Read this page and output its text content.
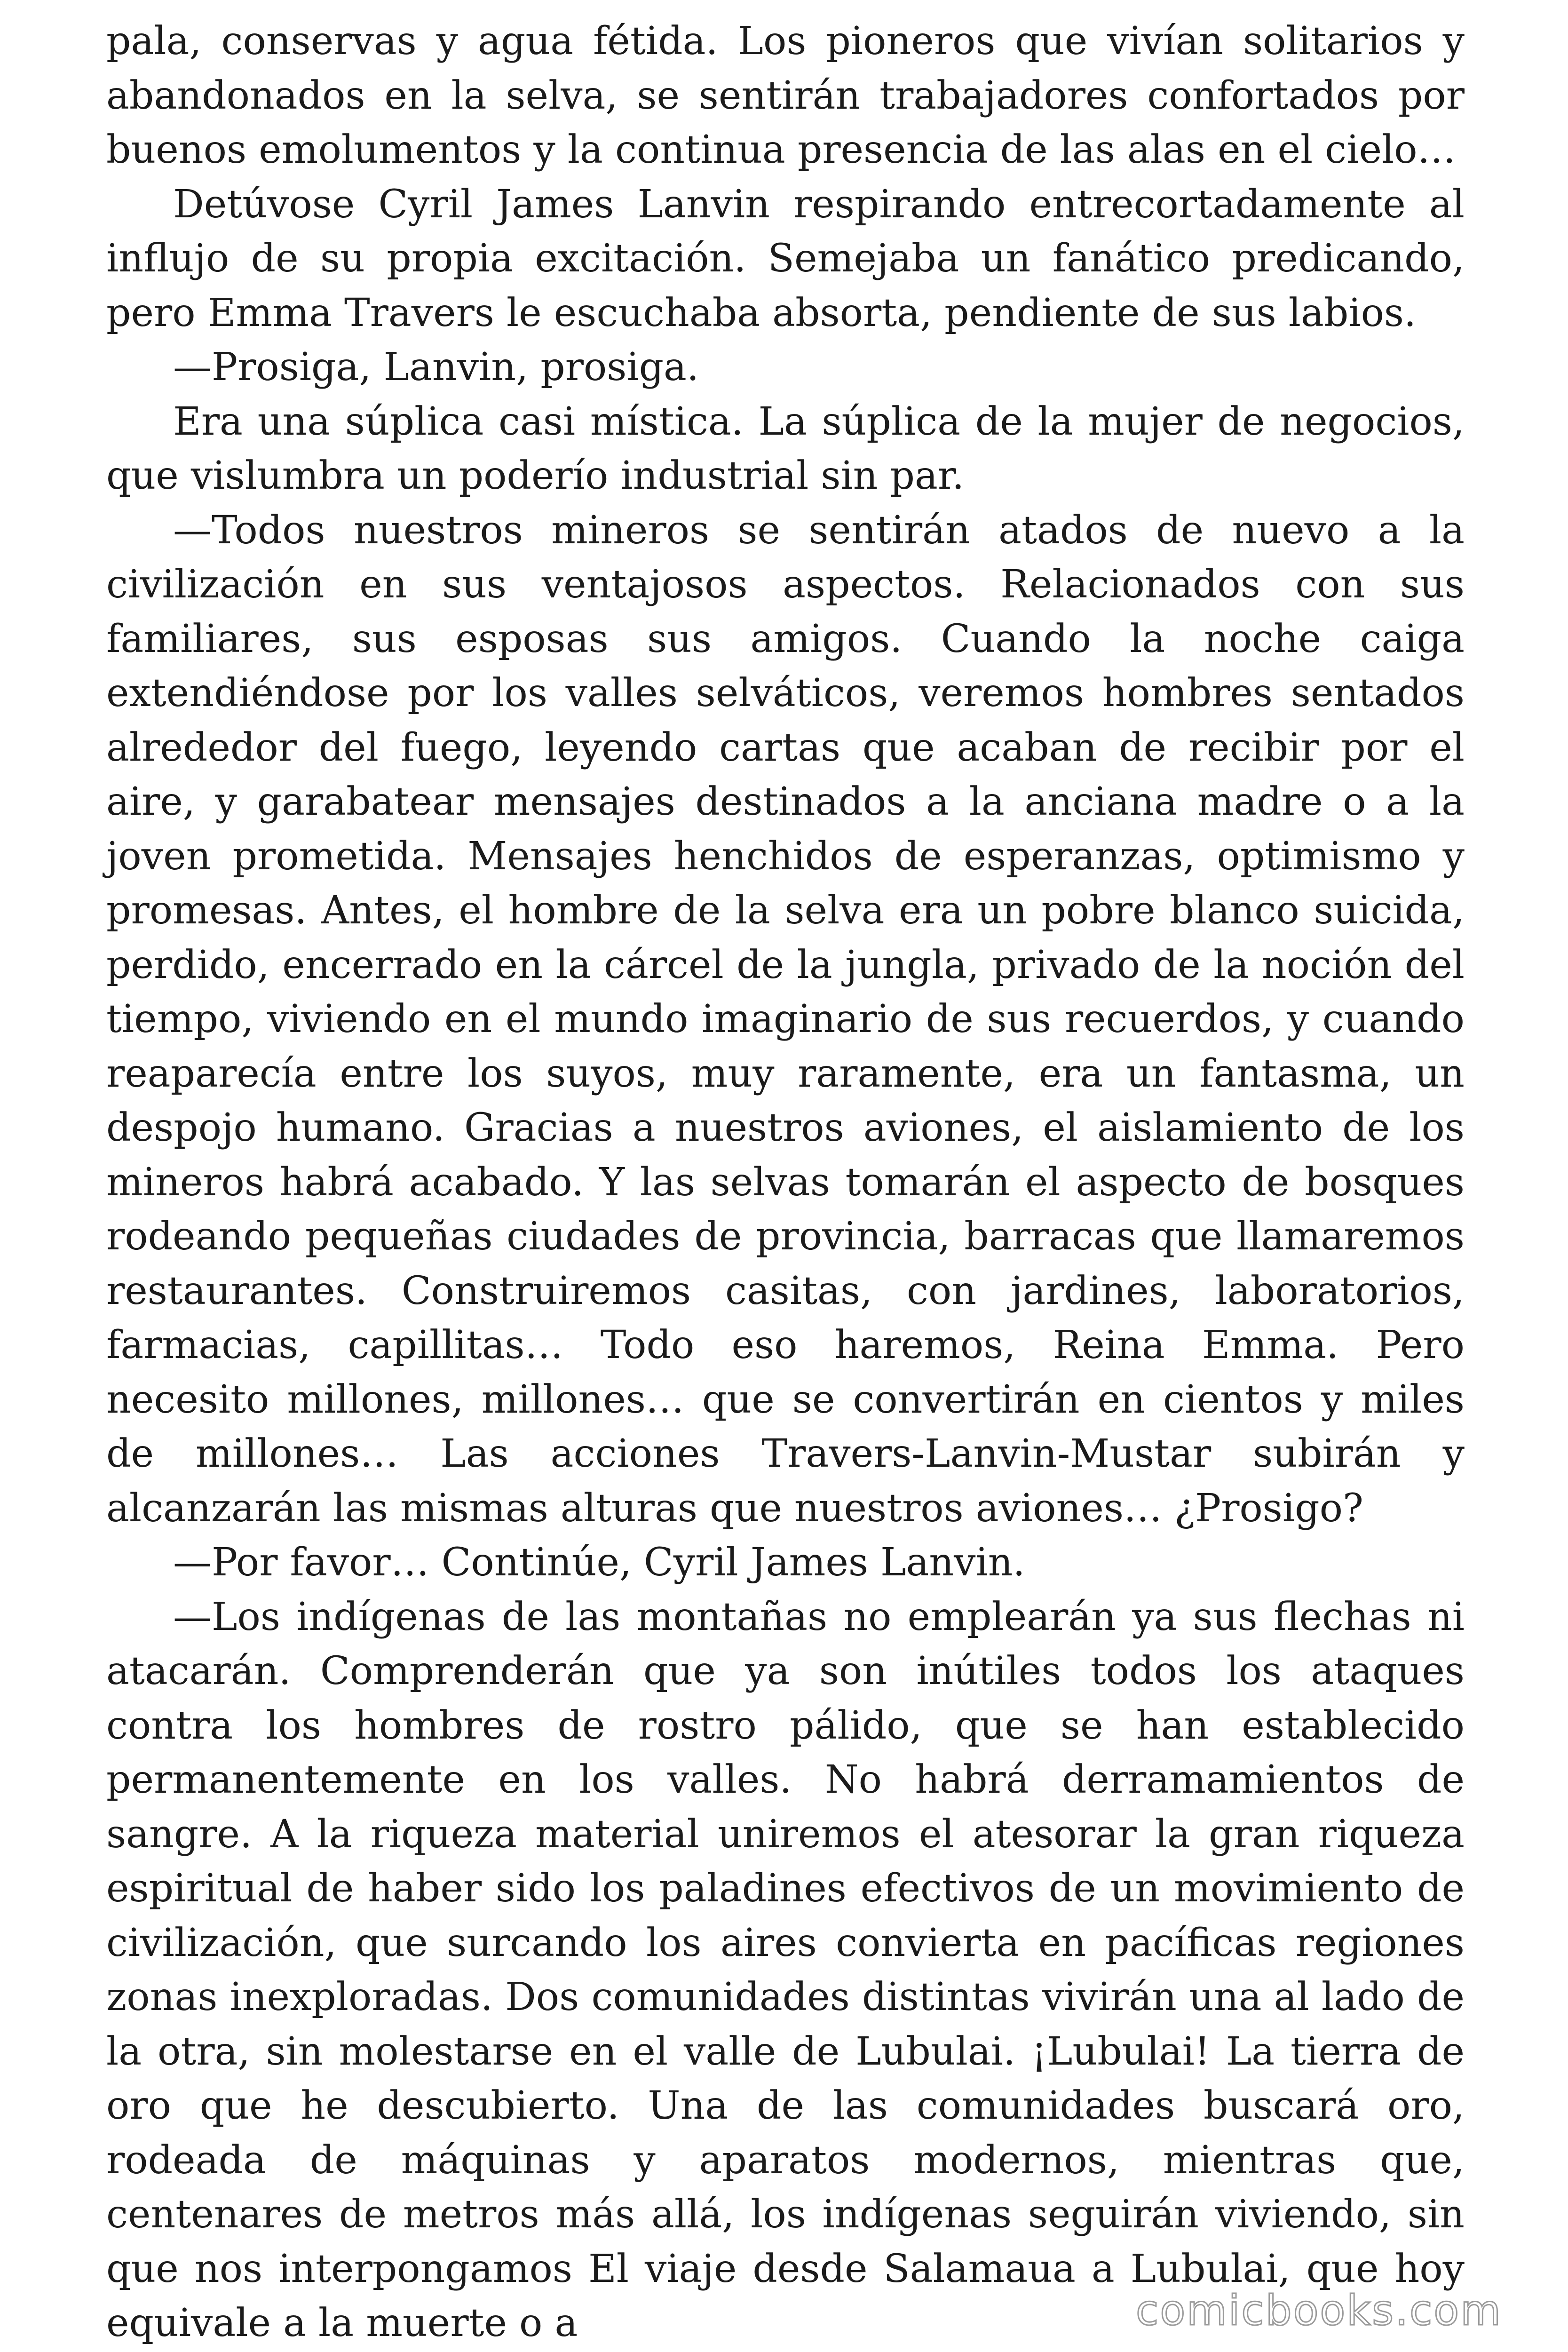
pala, conservas y agua fétida. Los pioneros que vivían solitarios y abandonados en la selva, se sentirán trabajadores confortados por buenos emolumentos y la continua presencia de las alas en el cielo…

Detúvose Cyril James Lanvin respirando entrecortadamente al influjo de su propia excitación. Semejaba un fanático predicando, pero Emma Travers le escuchaba absorta, pendiente de sus labios.

—Prosiga, Lanvin, prosiga.

Era una súplica casi mística. La súplica de la mujer de negocios, que vislumbra un poderío industrial sin par.

—Todos nuestros mineros se sentirán atados de nuevo a la civilización en sus ventajosos aspectos. Relacionados con sus familiares, sus esposas sus amigos. Cuando la noche caiga extendiéndose por los valles selváticos, veremos hombres sentados alrededor del fuego, leyendo cartas que acaban de recibir por el aire, y garabatear mensajes destinados a la anciana madre o a la joven prometida. Mensajes henchidos de esperanzas, optimismo y promesas. Antes, el hombre de la selva era un pobre blanco suicida, perdido, encerrado en la cárcel de la jungla, privado de la noción del tiempo, viviendo en el mundo imaginario de sus recuerdos, y cuando reaparecía entre los suyos, muy raramente, era un fantasma, un despojo humano. Gracias a nuestros aviones, el aislamiento de los mineros habrá acabado. Y las selvas tomarán el aspecto de bosques rodeando pequeñas ciudades de provincia, barracas que llamaremos restaurantes. Construiremos casitas, con jardines, laboratorios, farmacias, capillitas… Todo eso haremos, Reina Emma. Pero necesito millones, millones… que se convertirán en cientos y miles de millones… Las acciones Travers-Lanvin-Mustar subirán y alcanzarán las mismas alturas que nuestros aviones… ¿Prosigo?

—Por favor… Continúe, Cyril James Lanvin.

—Los indígenas de las montañas no emplearán ya sus flechas ni atacarán. Comprenderán que ya son inútiles todos los ataques contra los hombres de rostro pálido, que se han establecido permanentemente en los valles. No habrá derramamientos de sangre. A la riqueza material uniremos el atesorar la gran riqueza espiritual de haber sido los paladines efectivos de un movimiento de civilización, que surcando los aires convierta en pacíficas regiones zonas inexploradas. Dos comunidades distintas vivirán una al lado de la otra, sin molestarse en el valle de Lubulai. ¡Lubulai! La tierra de oro que he descubierto. Una de las comunidades buscará oro, rodeada de máquinas y aparatos modernos, mientras que, centenares de metros más allá, los indígenas seguirán viviendo, sin que nos interpongamos El viaje desde Salamaua a Lubulai, que hoy equivale a la muerte o a	comicbooks.com
